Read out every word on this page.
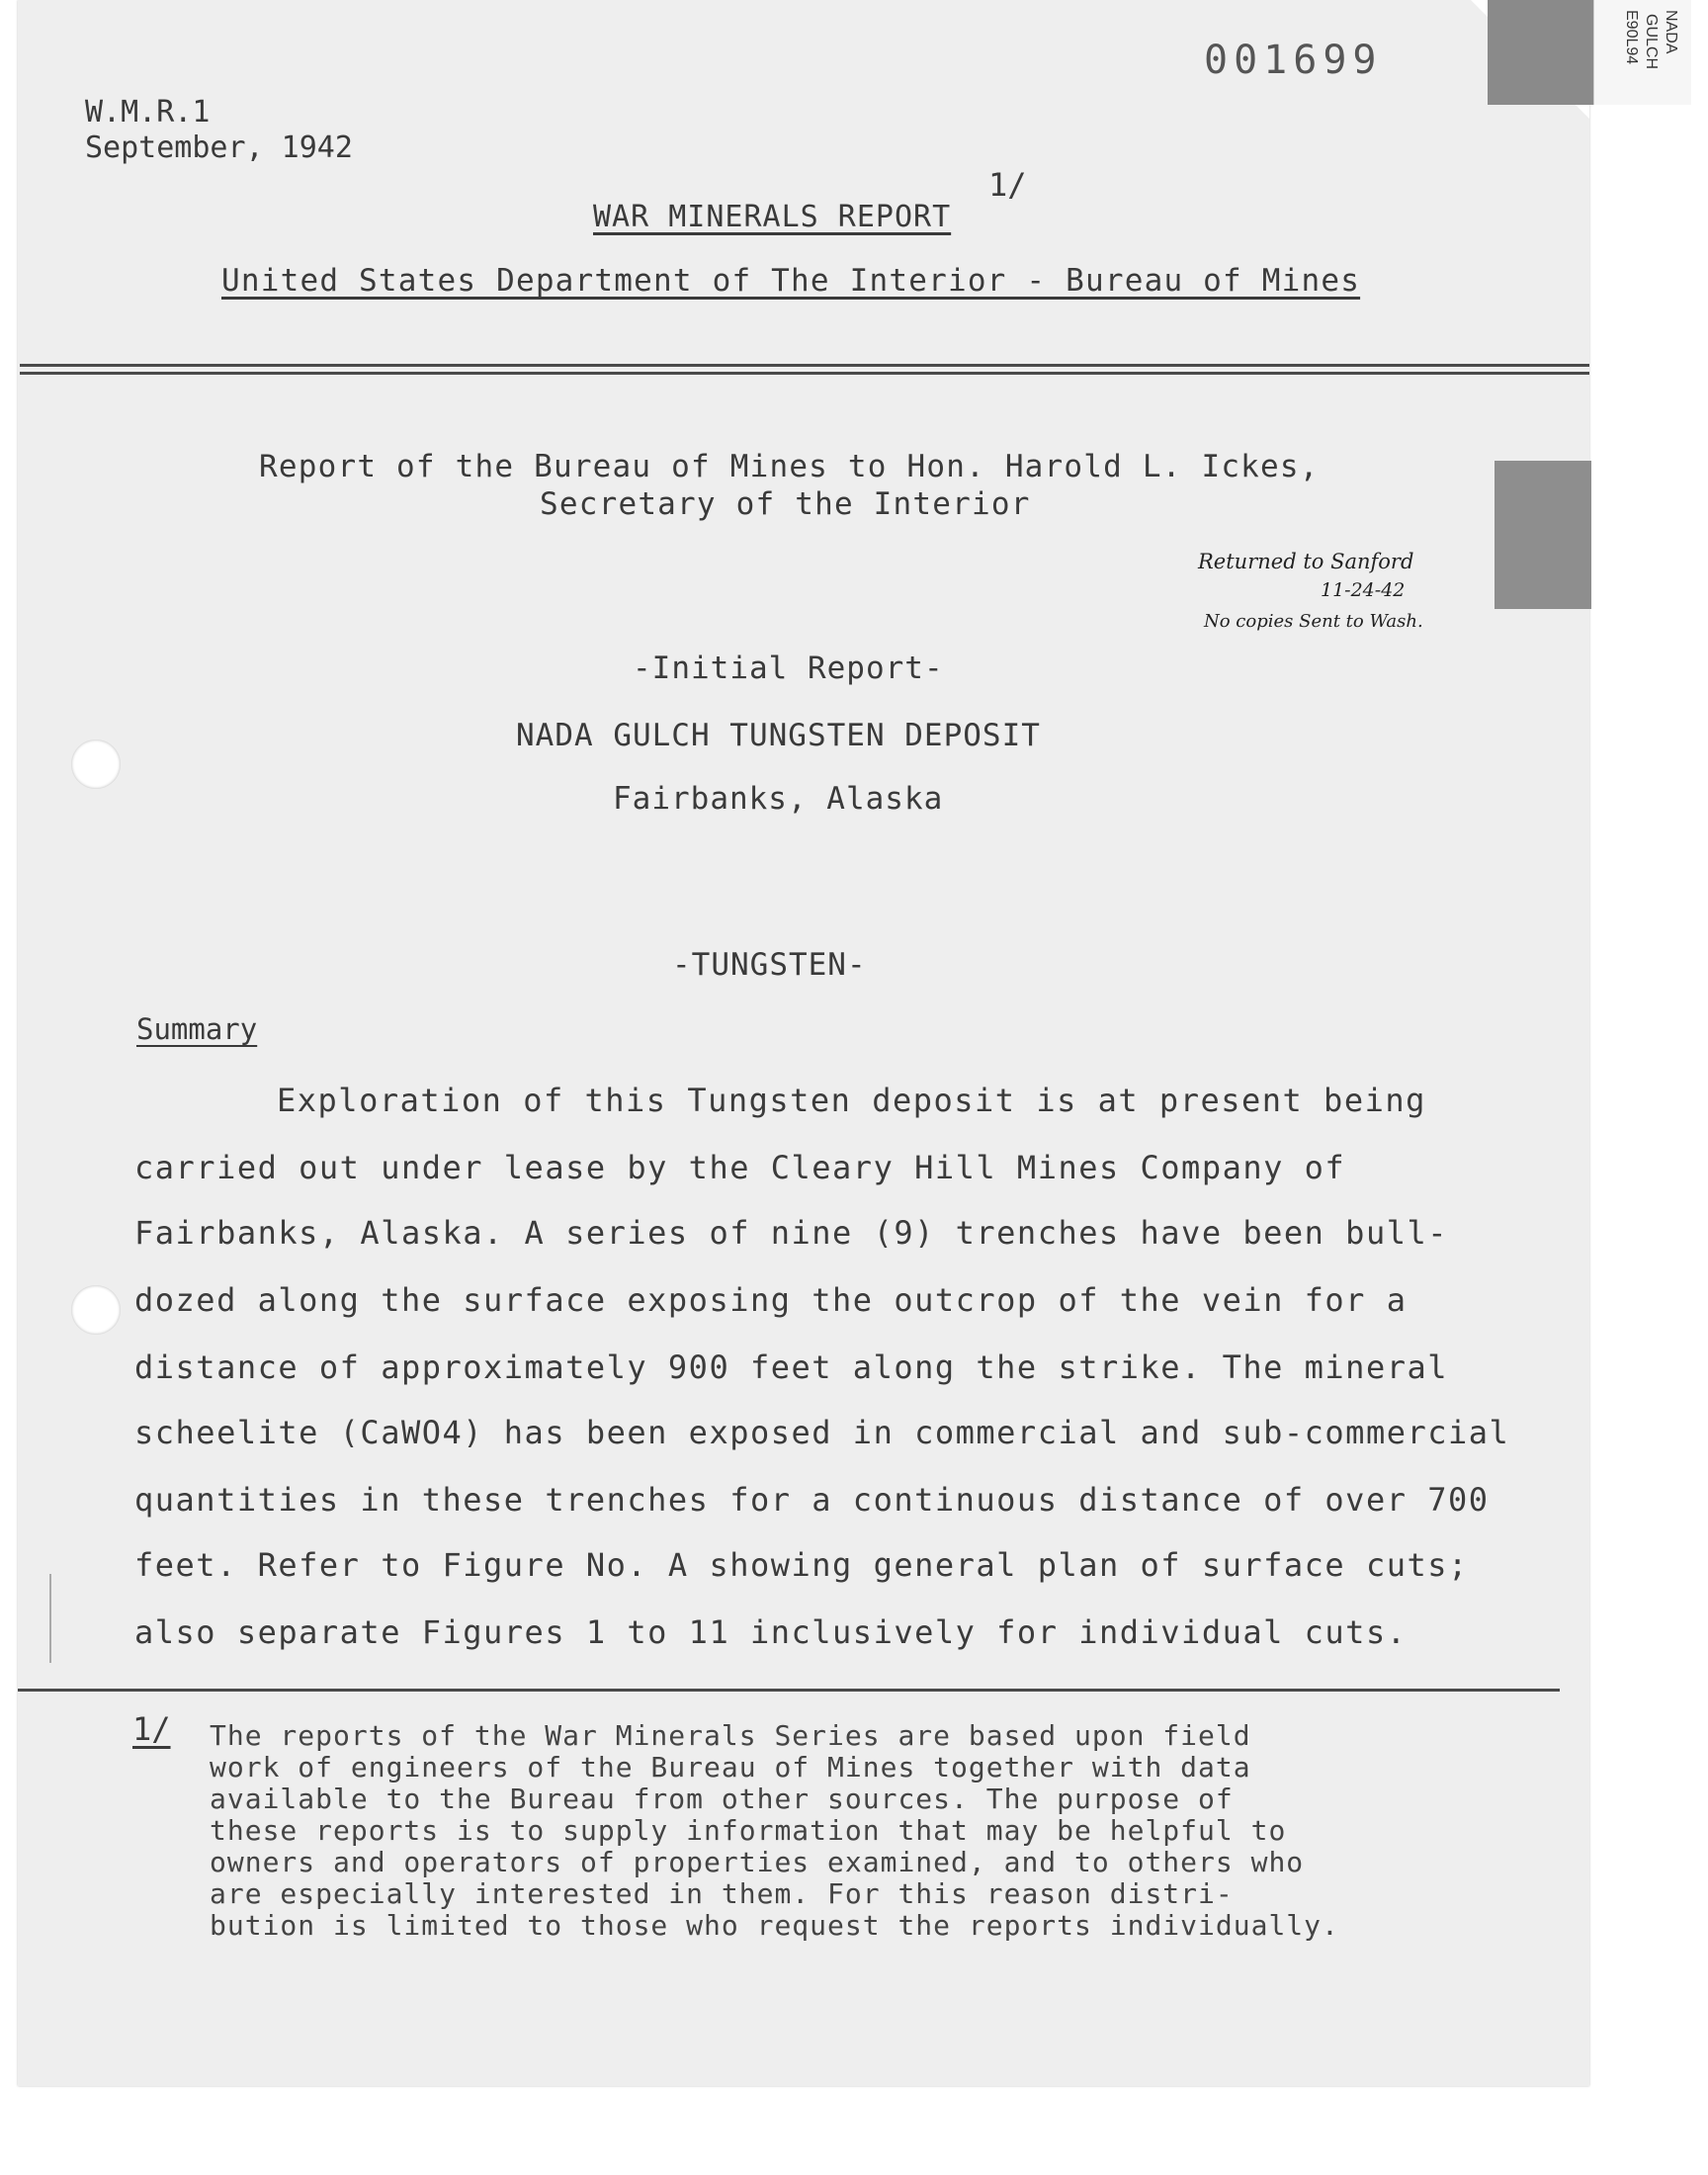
NADA
GULCH
E90L94
001699
W.M.R.1
September, 1942
WAR MINERALS REPORT
1/
United States Department of The Interior - Bureau of Mines
Report of the Bureau of Mines to Hon. Harold L. Ickes,
Secretary of the Interior
Returned to Sanford
11-24-42
No copies Sent to Wash.
-Initial Report-
NADA GULCH TUNGSTEN DEPOSIT
Fairbanks, Alaska
-TUNGSTEN-
Summary
Exploration of this Tungsten deposit is at present being
carried out under lease by the Cleary Hill Mines Company of
Fairbanks, Alaska. A series of nine (9) trenches have been bull-
dozed along the surface exposing the outcrop of the vein for a
distance of approximately 900 feet along the strike. The mineral
scheelite (CaWO4) has been exposed in commercial and sub-commercial
quantities in these trenches for a continuous distance of over 700
feet. Refer to Figure No. A showing general plan of surface cuts;
also separate Figures 1 to 11 inclusively for individual cuts.
1/ The reports of the War Minerals Series are based upon field
work of engineers of the Bureau of Mines together with data
available to the Bureau from other sources. The purpose of
these reports is to supply information that may be helpful to
owners and operators of properties examined, and to others who
are especially interested in them. For this reason distri-
bution is limited to those who request the reports individually.
